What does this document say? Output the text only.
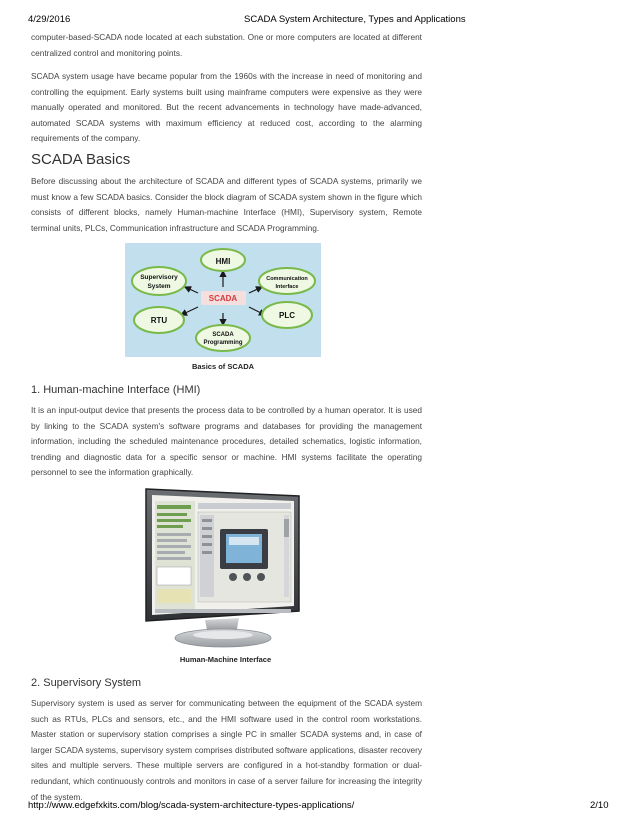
4/29/2016	SCADA System Architecture, Types and Applications

computer-based-SCADA node located at each substation. One or more computers are located at different centralized control and monitoring points.

SCADA system usage have became popular from the 1960s with the increase in need of monitoring and controlling the equipment. Early systems built using mainframe computers were expensive as they were manually operated and monitored. But the recent advancements in technology have made-advanced, automated SCADA systems with maximum efficiency at reduced cost, according to the alarming requirements of the company.

SCADA Basics

Before discussing about the architecture of SCADA and different types of SCADA systems, primarily we must know a few SCADA basics. Consider the block diagram of SCADA system shown in the figure which consists of different blocks, namely Human-machine Interface (HMI), Supervisory system, Remote terminal units, PLCs, Communication infrastructure and SCADA Programming.

HMI
Supervisory
System
Communication
Interface
SCADA
RTU
PLC
SCADA
Programming
Basics of SCADA
1. Human-machine Interface (HMI)

It is an input-output device that presents the process data to be controlled by a human operator. It is used by linking to the SCADA system's software programs and databases for providing the management information, including the scheduled maintenance procedures, detailed schematics, logistic information, trending and diagnostic data for a specific sensor or machine. HMI systems facilitate the operating personnel to see the information graphically.

Human-Machine Interface
2. Supervisory System

Supervisory system is used as server for communicating between the equipment of the SCADA system such as RTUs, PLCs and sensors, etc., and the HMI software used in the control room workstations. Master station or supervisory station comprises a single PC in smaller SCADA systems and, in case of larger SCADA systems, supervisory system comprises distributed software applications, disaster recovery sites and multiple servers. These multiple servers are configured in a hot-standby formation or dual-redundant, which continuously controls and monitors in case of a server failure for increasing the integrity of the system.

http://www.edgefxkits.com/blog/scada-system-architecture-types-applications/	2/10
